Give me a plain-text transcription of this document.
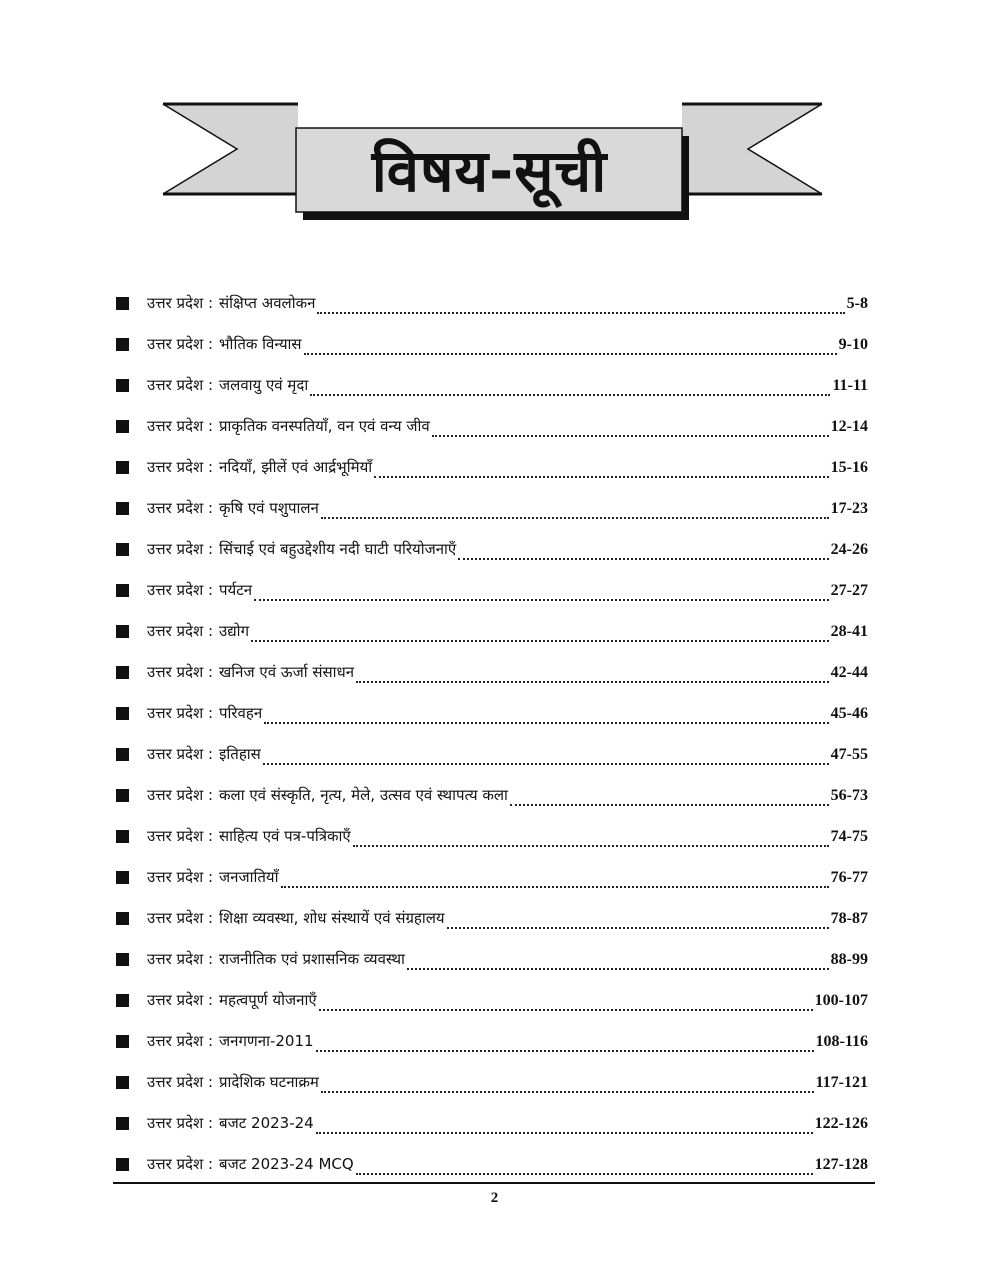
विषय-सूची
उत्तर प्रदेश : संक्षिप्त अवलोकन	5-8
उत्तर प्रदेश : भौतिक विन्यास	9-10
उत्तर प्रदेश : जलवायु एवं मृदा	11-11
उत्तर प्रदेश : प्राकृतिक वनस्पतियाँ, वन एवं वन्य जीव	12-14
उत्तर प्रदेश : नदियाँ, झीलें एवं आर्द्रभूमियाँ	15-16
उत्तर प्रदेश : कृषि एवं पशुपालन	17-23
उत्तर प्रदेश : सिंचाई एवं बहुउद्देशीय नदी घाटी परियोजनाएँ	24-26
उत्तर प्रदेश : पर्यटन	27-27
उत्तर प्रदेश : उद्योग	28-41
उत्तर प्रदेश : खनिज एवं ऊर्जा संसाधन	42-44
उत्तर प्रदेश : परिवहन	45-46
उत्तर प्रदेश : इतिहास	47-55
उत्तर प्रदेश : कला एवं संस्कृति, नृत्य, मेले, उत्सव एवं स्थापत्य कला	56-73
उत्तर प्रदेश : साहित्य एवं पत्र-पत्रिकाएँ	74-75
उत्तर प्रदेश : जनजातियाँ	76-77
उत्तर प्रदेश : शिक्षा व्यवस्था, शोध संस्थायें एवं संग्रहालय	78-87
उत्तर प्रदेश : राजनीतिक एवं प्रशासनिक व्यवस्था	88-99
उत्तर प्रदेश : महत्वपूर्ण योजनाएँ	100-107
उत्तर प्रदेश : जनगणना-2011	108-116
उत्तर प्रदेश : प्रादेशिक घटनाक्रम	117-121
उत्तर प्रदेश : बजट 2023-24	122-126
उत्तर प्रदेश : बजट 2023-24 MCQ	127-128
2
